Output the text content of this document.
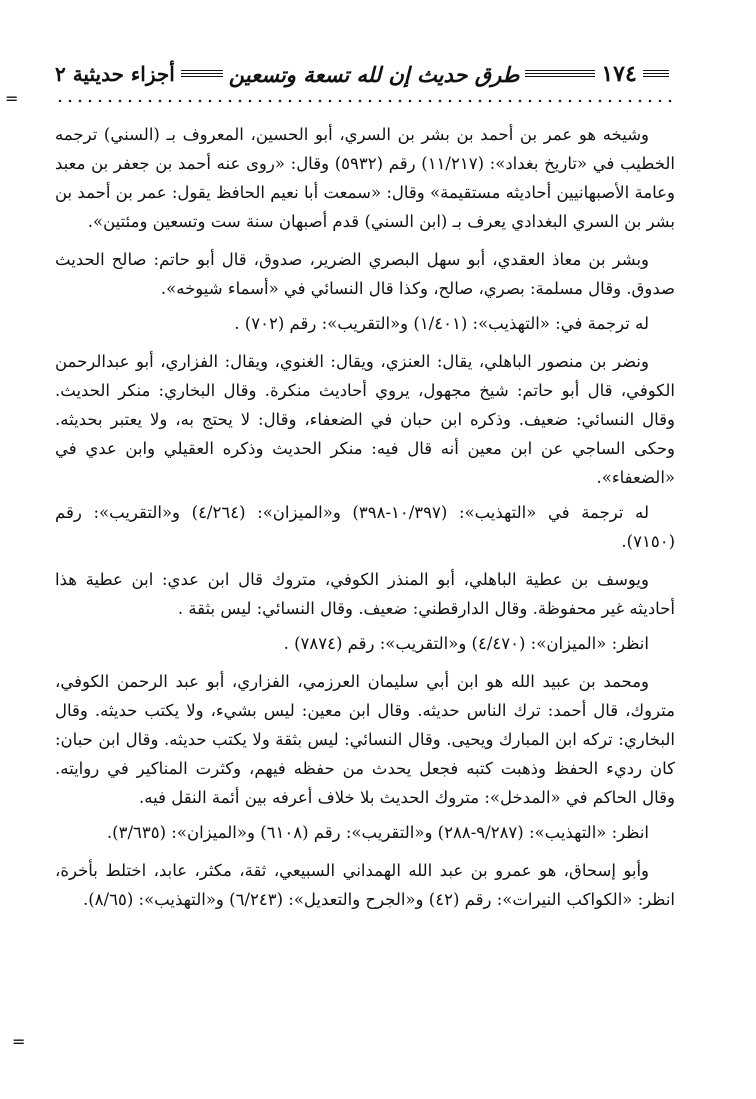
١٧٤
طرق حديث إن لله تسعة وتسعين
أجزاء حديثية ٢

وشيخه هو عمر بن أحمد بن بشر بن السري، أبو الحسين، المعروف بـ (السني) ترجمه الخطيب في «تاريخ بغداد»: (١١/٢١٧) رقم (٥٩٣٢) وقال: «روى عنه أحمد بن جعفر بن معبد وعامة الأصبهانيين أحاديثه مستقيمة» وقال: «سمعت أبا نعيم الحافظ يقول: عمر بن أحمد بن بشر بن السري البغدادي يعرف بـ (ابن السني) قدم أصبهان سنة ست وتسعين ومئتين».

وبشر بن معاذ العقدي، أبو سهل البصري الضرير، صدوق، قال أبو حاتم: صالح الحديث صدوق. وقال مسلمة: بصري، صالح، وكذا قال النسائي في «أسماء شيوخه».

له ترجمة في: «التهذيب»: (١/٤٠١) و«التقريب»: رقم (٧٠٢) .

ونضر بن منصور الباهلي، يقال: العنزي، ويقال: الغنوي، ويقال: الفزاري، أبو عبدالرحمن الكوفي، قال أبو حاتم: شيخ مجهول، يروي أحاديث منكرة. وقال البخاري: منكر الحديث. وقال النسائي: ضعيف. وذكره ابن حبان في الضعفاء، وقال: لا يحتج به، ولا يعتبر بحديثه. وحكى الساجي عن ابن معين أنه قال فيه: منكر الحديث وذكره العقيلي وابن عدي في «الضعفاء».

له ترجمة في «التهذيب»: (١٠/٣٩٧-٣٩٨) و«الميزان»: (٤/٢٦٤) و«التقريب»: رقم (٧١٥٠).

ويوسف بن عطية الباهلي، أبو المنذر الكوفي، متروك قال ابن عدي: ابن عطية هذا أحاديثه غير محفوظة. وقال الدارقطني: ضعيف. وقال النسائي: ليس بثقة .

انظر: «الميزان»: (٤/٤٧٠) و«التقريب»: رقم (٧٨٧٤) .

ومحمد بن عبيد الله هو ابن أبي سليمان العرزمي، الفزاري، أبو عبد الرحمن الكوفي، متروك، قال أحمد: ترك الناس حديثه. وقال ابن معين: ليس بشيء، ولا يكتب حديثه. وقال البخاري: تركه ابن المبارك ويحيى. وقال النسائي: ليس بثقة ولا يكتب حديثه. وقال ابن حبان: كان رديء الحفظ وذهبت كتبه فجعل يحدث من حفظه فيهم، وكثرت المناكير في روايته. وقال الحاكم في «المدخل»: متروك الحديث بلا خلاف أعرفه بين أئمة النقل فيه.

انظر: «التهذيب»: (٩/٢٨٧-٢٨٨) و«التقريب»: رقم (٦١٠٨) و«الميزان»: (٣/٦٣٥).

وأبو إسحاق، هو عمرو بن عبد الله الهمداني السبيعي، ثقة، مكثر، عابد، اختلط بأخرة، انظر: «الكواكب النيرات»: رقم (٤٢) و«الجرح والتعديل»: (٦/٢٤٣) و«التهذيب»: (٨/٦٥).

=
=
